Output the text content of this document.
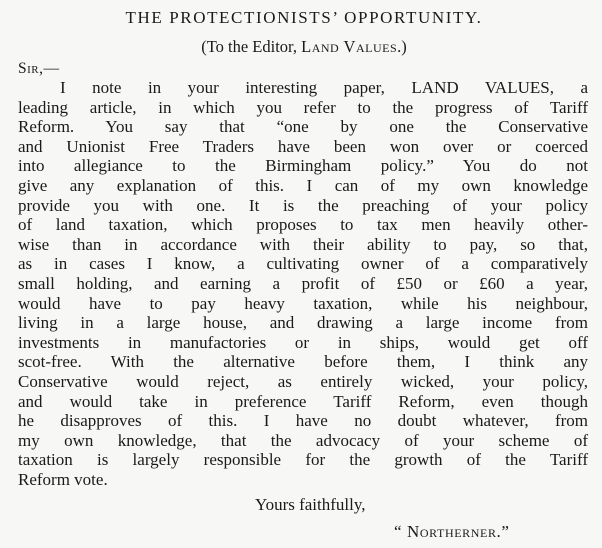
THE PROTECTIONISTS’ OPPORTUNITY.

(To the Editor, Land Values.)

Sir,—

I note in your interesting paper, LAND VALUES, a
leading article, in which you refer to the progress of Tariff
Reform. You say that “one by one the Conservative
and Unionist Free Traders have been won over or coerced
into allegiance to the Birmingham policy.” You do not
give any explanation of this. I can of my own knowledge
provide you with one. It is the preaching of your policy
of land taxation, which proposes to tax men heavily other-
wise than in accordance with their ability to pay, so that,
as in cases I know, a cultivating owner of a comparatively
small holding, and earning a profit of £50 or £60 a year,
would have to pay heavy taxation, while his neighbour,
living in a large house, and drawing a large income from
investments in manufactories or in ships, would get off
scot-free. With the alternative before them, I think any
Conservative would reject, as entirely wicked, your policy,
and would take in preference Tariff Reform, even though
he disapproves of this. I have no doubt whatever, from
my own knowledge, that the advocacy of your scheme of
taxation is largely responsible for the growth of the Tariff
Reform vote.

Yours faithfully,

“ Northerner.”
